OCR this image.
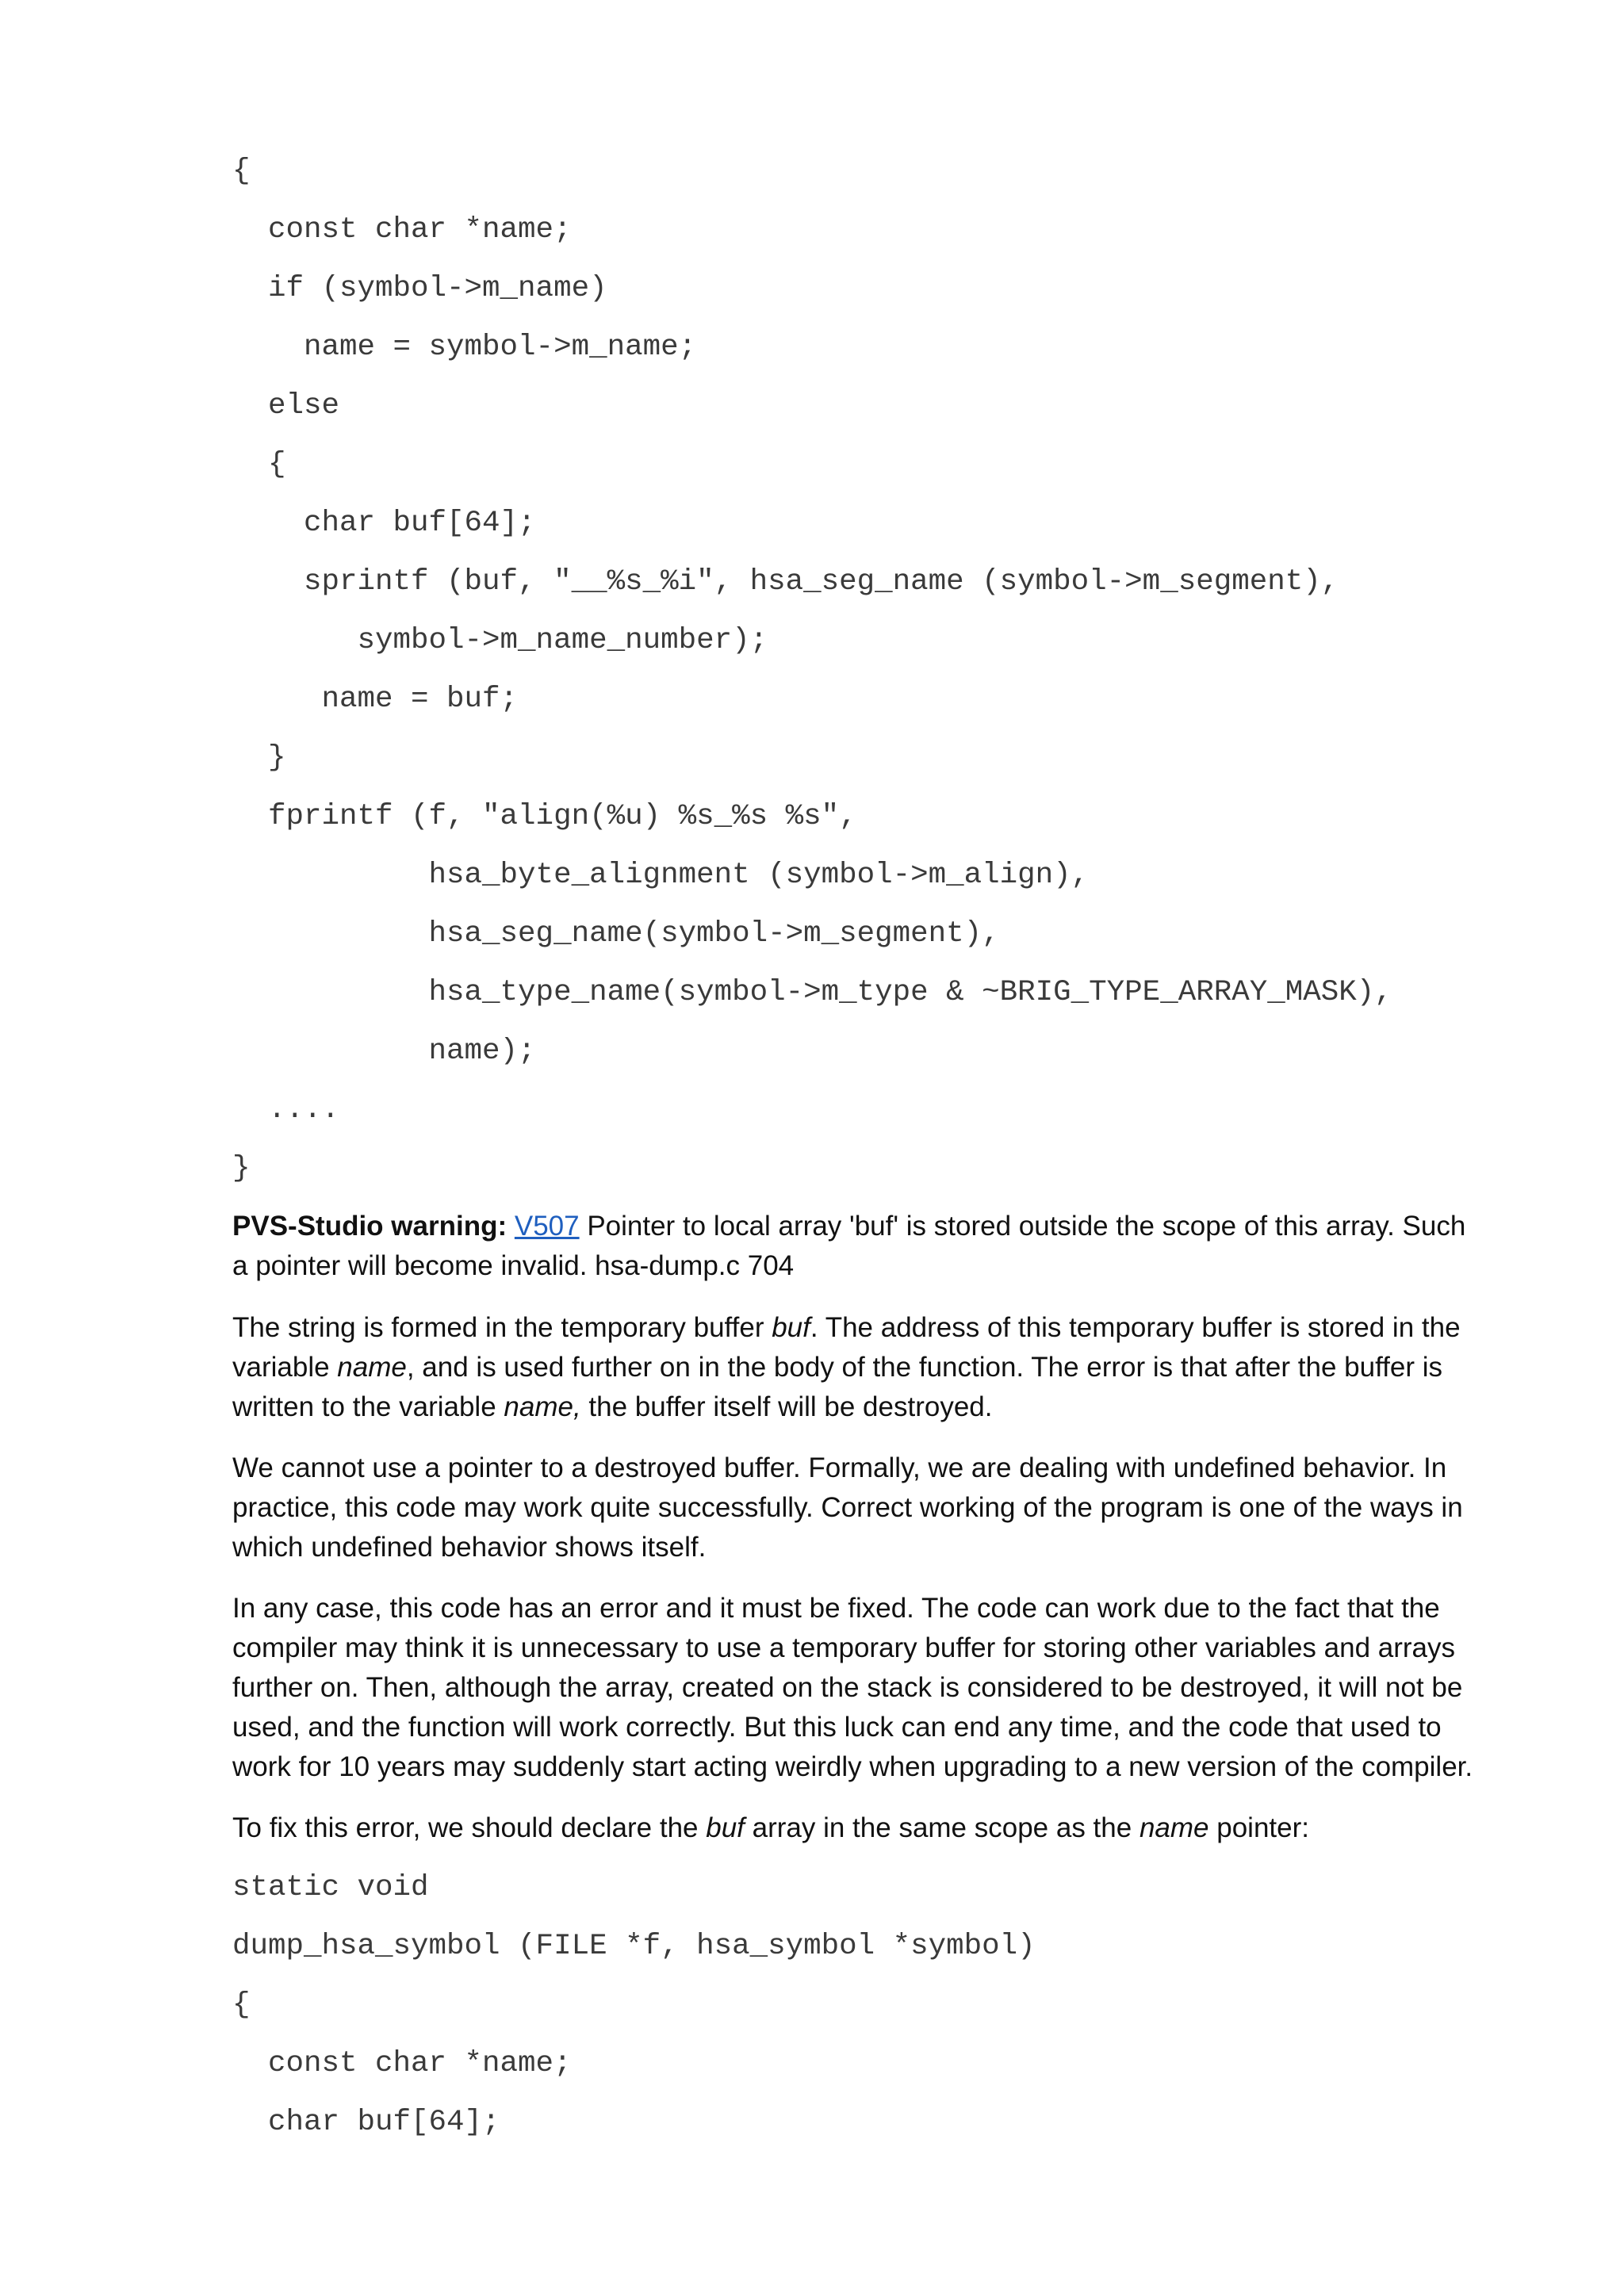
{
const char *name;
if (symbol->m_name)
name = symbol->m_name;
else
{
char buf[64];
sprintf (buf, "__%s_%i", hsa_seg_name (symbol->m_segment),
symbol->m_name_number);
name = buf;
}
fprintf (f, "align(%u) %s_%s %s",
hsa_byte_alignment (symbol->m_align),
hsa_seg_name(symbol->m_segment),
hsa_type_name(symbol->m_type & ~BRIG_TYPE_ARRAY_MASK),
name);
....
}
PVS-Studio warning: V507 Pointer to local array 'buf' is stored outside the scope of this array. Such a pointer will become invalid. hsa-dump.c 704
The string is formed in the temporary buffer buf. The address of this temporary buffer is stored in the variable name, and is used further on in the body of the function. The error is that after the buffer is written to the variable name, the buffer itself will be destroyed.
We cannot use a pointer to a destroyed buffer. Formally, we are dealing with undefined behavior. In practice, this code may work quite successfully. Correct working of the program is one of the ways in which undefined behavior shows itself.
In any case, this code has an error and it must be fixed. The code can work due to the fact that the compiler may think it is unnecessary to use a temporary buffer for storing other variables and arrays further on. Then, although the array, created on the stack is considered to be destroyed, it will not be used, and the function will work correctly. But this luck can end any time, and the code that used to work for 10 years may suddenly start acting weirdly when upgrading to a new version of the compiler.
To fix this error, we should declare the buf array in the same scope as the name pointer:
static void
dump_hsa_symbol (FILE *f, hsa_symbol *symbol)
{
const char *name;
char buf[64];
